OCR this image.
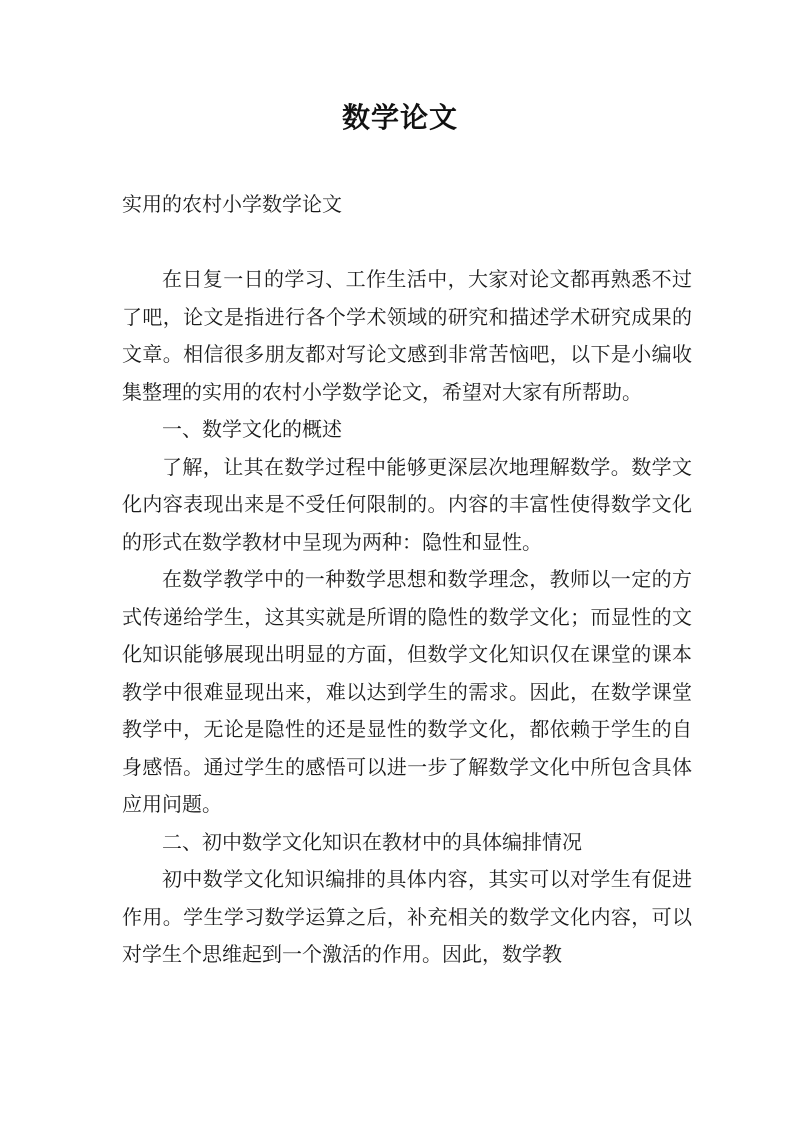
数学论文
实用的农村小学数学论文

在日复一日的学习、工作生活中，大家对论文都再熟悉不过了吧，论文是指进行各个学术领域的研究和描述学术研究成果的文章。相信很多朋友都对写论文感到非常苦恼吧，以下是小编收集整理的实用的农村小学数学论文，希望对大家有所帮助。

一、数学文化的概述

了解，让其在数学过程中能够更深层次地理解数学。数学文化内容表现出来是不受任何限制的。内容的丰富性使得数学文化的形式在数学教材中呈现为两种：隐性和显性。

在数学教学中的一种数学思想和数学理念，教师以一定的方式传递给学生，这其实就是所谓的隐性的数学文化；而显性的文化知识能够展现出明显的方面，但数学文化知识仅在课堂的课本教学中很难显现出来，难以达到学生的需求。因此，在数学课堂教学中，无论是隐性的还是显性的数学文化，都依赖于学生的自身感悟。通过学生的感悟可以进一步了解数学文化中所包含具体应用问题。

二、初中数学文化知识在教材中的具体编排情况

初中数学文化知识编排的具体内容，其实可以对学生有促进作用。学生学习数学运算之后，补充相关的数学文化内容，可以对学生个思维起到一个激活的作用。因此，数学教
